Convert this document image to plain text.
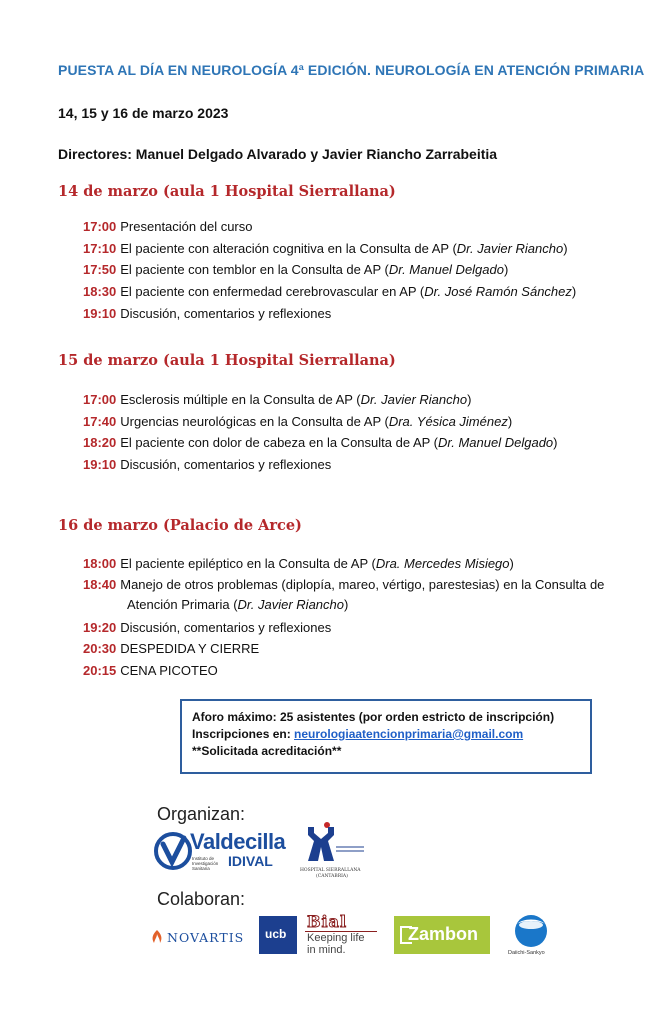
PUESTA AL DÍA EN NEUROLOGÍA 4ª EDICIÓN. NEUROLOGÍA EN ATENCIÓN PRIMARIA
14, 15 y 16 de marzo 2023
Directores: Manuel Delgado Alvarado y Javier Riancho Zarrabeitia
14 de marzo (aula 1 Hospital Sierrallana)
17:00 Presentación del curso
17:10 El paciente con alteración cognitiva en la Consulta de AP (Dr. Javier Riancho)
17:50 El paciente con temblor en la Consulta de AP (Dr. Manuel Delgado)
18:30 El paciente con enfermedad cerebrovascular en AP (Dr. José Ramón Sánchez)
19:10 Discusión, comentarios y reflexiones
15 de marzo (aula 1 Hospital Sierrallana)
17:00 Esclerosis múltiple en la Consulta de AP (Dr. Javier Riancho)
17:40 Urgencias neurológicas en la Consulta de AP (Dra. Yésica Jiménez)
18:20 El paciente con dolor de cabeza en la Consulta de AP (Dr. Manuel Delgado)
19:10 Discusión, comentarios y reflexiones
16 de marzo (Palacio de Arce)
18:00 El paciente epiléptico en la Consulta de AP (Dra. Mercedes Misiego)
18:40 Manejo de otros problemas (diplopía, mareo, vértigo, parestesias) en la Consulta de
Atención Primaria (Dr. Javier Riancho)
19:20 Discusión, comentarios y reflexiones
20:30 DESPEDIDA Y CIERRE
20:15 CENA PICOTEO
Aforo máximo: 25 asistentes (por orden estricto de inscripción)
Inscripciones en: neurologiaatencionprimaria@gmail.com
**Solicitada acreditación**
Organizan:
Valdecilla
Instituto de Investigación Sanitaria	IDIVAL
HOSPITAL SIERRALLANA
(CANTABRIA)
Colaboran:
NOVARTIS ucb
Bial
Keeping life
in mind.
Zambon
Daiichi-Sankyo
